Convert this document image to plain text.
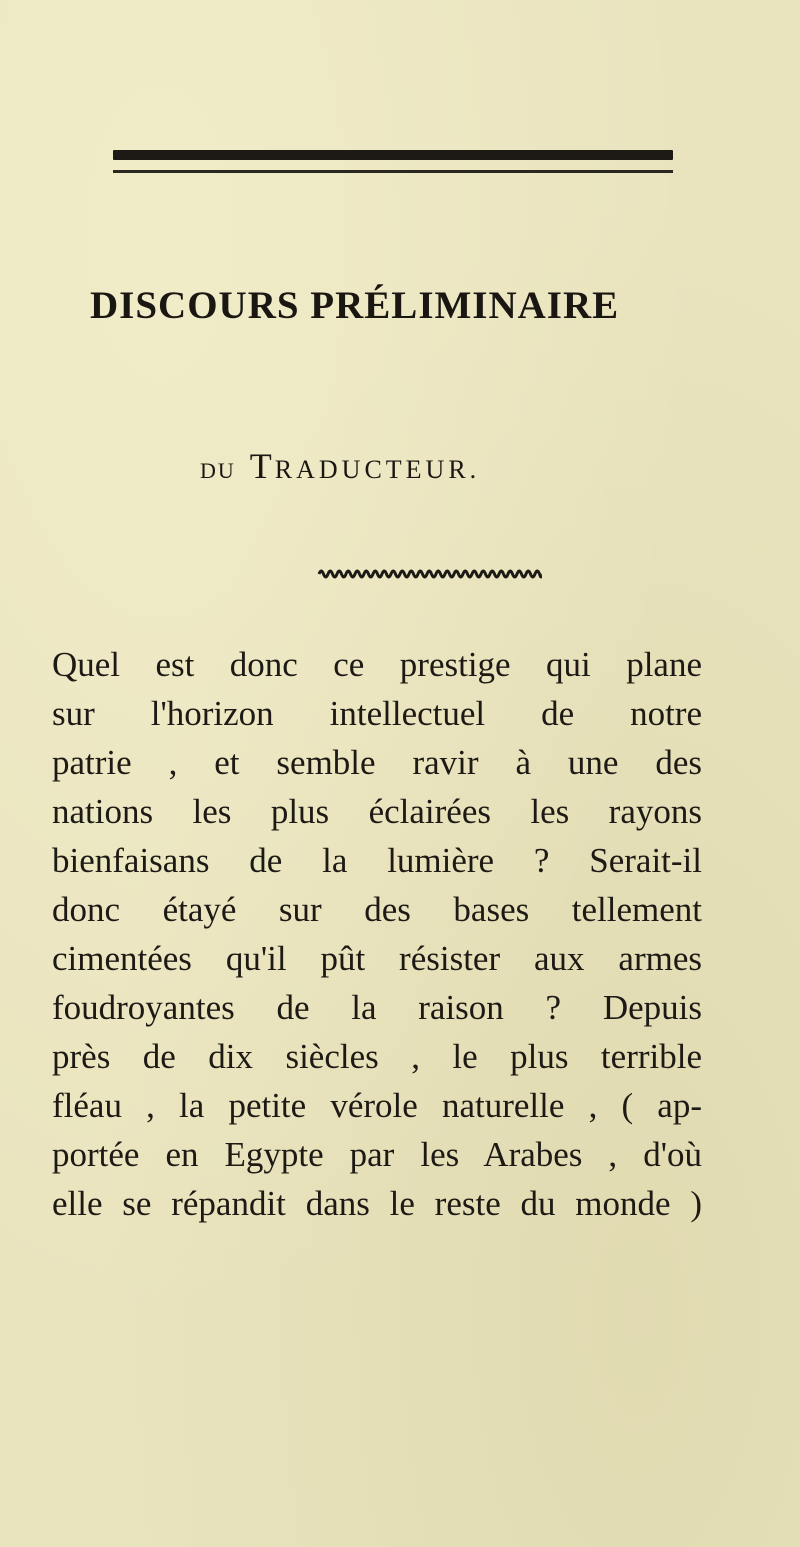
DISCOURS PRÉLIMINAIRE
DU TRADUCTEUR.
Quel est donc ce prestige qui plane
sur l'horizon intellectuel de notre
patrie , et semble ravir à une des
nations les plus éclairées les rayons
bienfaisans de la lumière ? Serait-il
donc étayé sur des bases tellement
cimentées qu'il pût résister aux armes
foudroyantes de la raison ? Depuis
près de dix siècles , le plus terrible
fléau , la petite vérole naturelle , ( ap-
portée en Egypte par les Arabes , d'où
elle se répandit dans le reste du monde )
